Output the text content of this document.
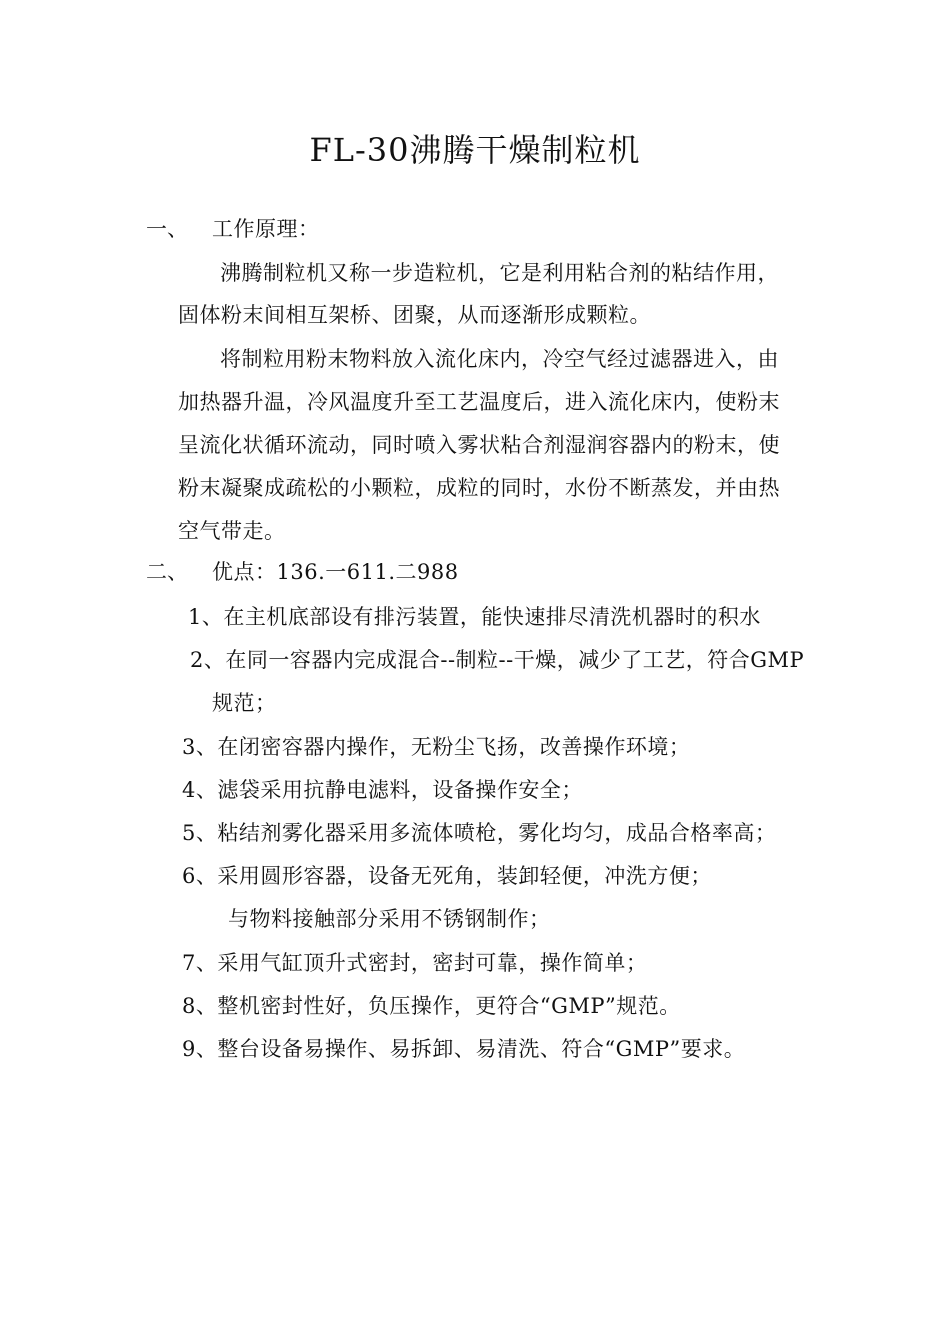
FL-30沸腾干燥制粒机
一、 工作原理：
沸腾制粒机又称一步造粒机，它是利用粘合剂的粘结作用，
固体粉末间相互架桥、团聚，从而逐渐形成颗粒。
将制粒用粉末物料放入流化床内，冷空气经过滤器进入，由
加热器升温，冷风温度升至工艺温度后，进入流化床内，使粉末
呈流化状循环流动，同时喷入雾状粘合剂湿润容器内的粉末，使
粉末凝聚成疏松的小颗粒，成粒的同时，水份不断蒸发，并由热
空气带走。
二、 优点：136.一611.二988
1、在主机底部设有排污装置，能快速排尽清洗机器时的积水
2、在同一容器内完成混合--制粒--干燥，减少了工艺，符合GMP
规范；
3、在闭密容器内操作，无粉尘飞扬，改善操作环境；
4、滤袋采用抗静电滤料，设备操作安全；
5、粘结剂雾化器采用多流体喷枪，雾化均匀，成品合格率高；
6、采用圆形容器，设备无死角，装卸轻便，冲洗方便；
与物料接触部分采用不锈钢制作；
7、采用气缸顶升式密封，密封可靠，操作简单；
8、整机密封性好，负压操作，更符合“GMP”规范。
9、整台设备易操作、易拆卸、易清洗、符合“GMP”要求。
